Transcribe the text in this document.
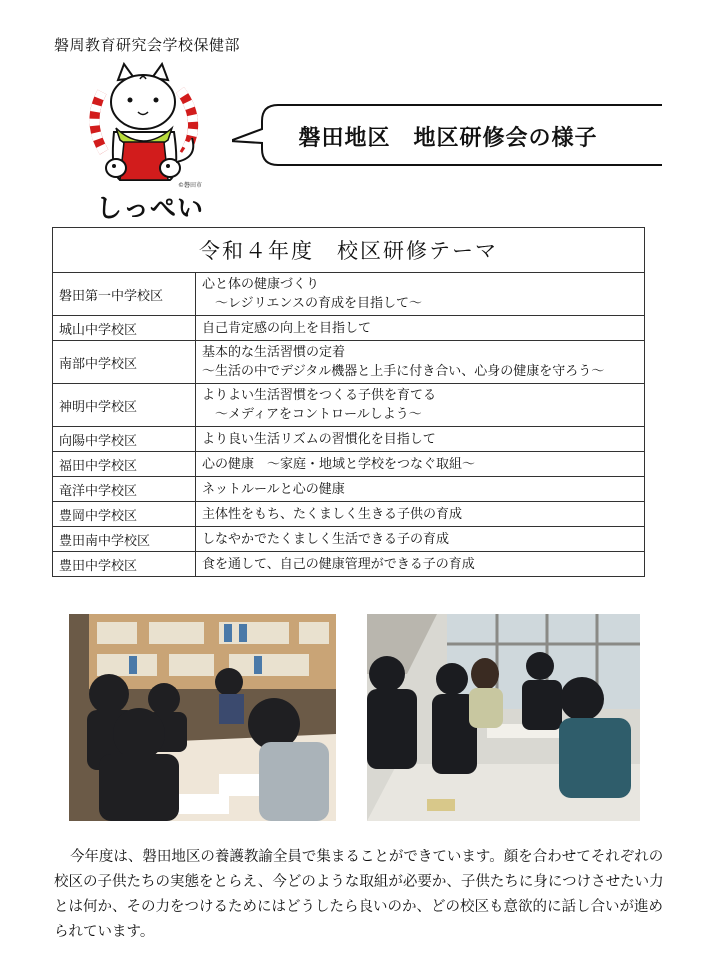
磐周教育研究会学校保健部
©磐田市
しっぺい
磐田地区　地区研修会の様子
令和４年度　校区研修テーマ	
磐田第一中学校区	心と体の健康づくり
　～レジリエンスの育成を目指して～

城山中学校区	自己肯定感の向上を目指して

南部中学校区	基本的な生活習慣の定着
～生活の中でデジタル機器と上手に付き合い、心身の健康を守ろう～

神明中学校区	よりよい生活習慣をつくる子供を育てる
　～メディアをコントロールしよう～

向陽中学校区	より良い生活リズムの習慣化を目指して

福田中学校区	心の健康　～家庭・地域と学校をつなぐ取組～

竜洋中学校区	ネットルールと心の健康

豊岡中学校区	主体性をもち、たくましく生きる子供の育成

豊田南中学校区	しなやかでたくましく生活できる子の育成

豊田中学校区	食を通して、自己の健康管理ができる子の育成
今年度は、磐田地区の養護教諭全員で集まることができています。顔を合わせてそれぞれの校区の子供たちの実態をとらえ、今どのような取組が必要か、子供たちに身につけさせたい力とは何か、その力をつけるためにはどうしたら良いのか、どの校区も意欲的に話し合いが進められています。
